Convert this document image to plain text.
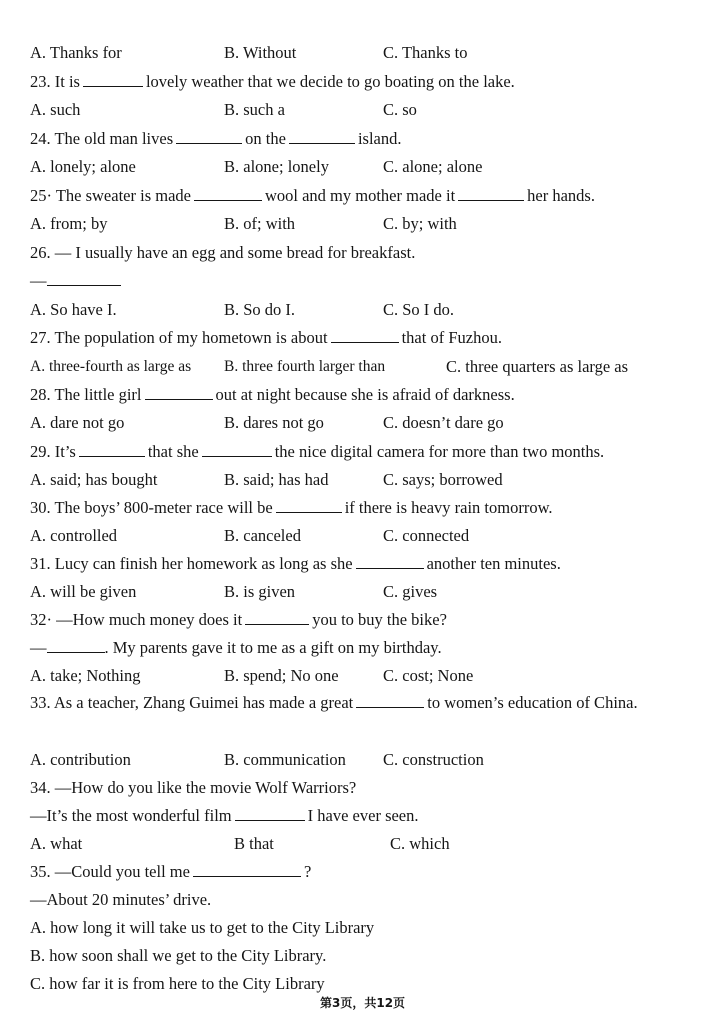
A. Thanks for	B. Without	C. Thanks to
23. It is	lovely weather that we decide to go boating on the lake.
A. such	B. such a	C. so
24. The old man lives	on the	island.
A. lonely; alone	B. alone; lonely	C. alone; alone
25· The sweater is made	wool and my mother made it	her hands.
A. from; by	B. of; with	C. by; with
26. — I usually have an egg and some bread for breakfast.
—
A. So have I.	B. So do I.	C. So I do.
27. The population of my hometown is about	that of Fuzhou.
A. three-fourth as large as B. three fourth larger than	C. three quarters as large as
28. The little girl	out at night because she is afraid of darkness.
A. dare not go	B. dares not go	C. doesn’t dare go
29. It’s	that she	the nice digital camera for more than two months.
A. said; has bought	B. said; has had	C. says; borrowed
30. The boys’ 800-meter race will be	if there is heavy rain tomorrow.
A. controlled	B. canceled	C. connected
31. Lucy can finish her homework as long as she	another ten minutes.
A. will be given	B. is given	C. gives
32· —How much money does it	you to buy the bike?
—	. My parents gave it to me as a gift on my birthday.
A. take; Nothing	B. spend; No one	C. cost; None
33. As a teacher, Zhang Guimei has made a great	to women’s education of China.
A. contribution	B. communication C. construction
34. —How do you like the movie Wolf Warriors?
—It’s the most wonderful film	I have ever seen.
A. what	B that	C. which
35. —Could you tell me	?
—About 20 minutes’ drive.
A. how long it will take us to get to the City Library
B. how soon shall we get to the City Library.
C. how far it is from here to the City Library
第3页，共12页
